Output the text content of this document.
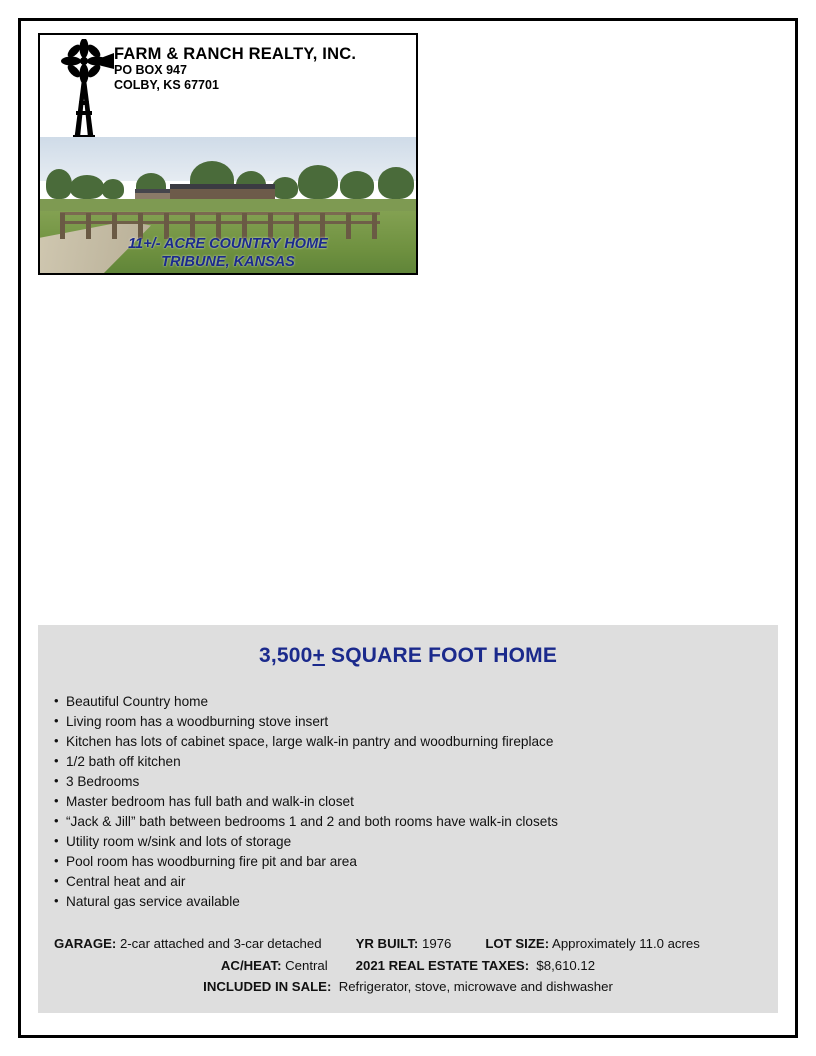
FARM & RANCH REALTY, INC.
PO BOX 947
COLBY, KS 67701
11+/- ACRE COUNTRY HOME
TRIBUNE, KANSAS
3,500+ SQUARE FOOT HOME
• Beautiful Country home
• Living room has a woodburning stove insert
• Kitchen has lots of cabinet space, large walk-in pantry and woodburning fireplace
• 1/2 bath off kitchen
• 3 Bedrooms
• Master bedroom has full bath and walk-in closet
• “Jack & Jill” bath between bedrooms 1 and 2 and both rooms have walk-in closets
• Utility room w/sink and lots of storage
• Pool room has woodburning fire pit and bar area
• Central heat and air
• Natural gas service available
GARAGE: 2-car attached and 3-car detached	YR BUILT: 1976	LOT SIZE: Approximately 11.0 acres
AC/HEAT: Central 2021 REAL ESTATE TAXES: $8,610.12
INCLUDED IN SALE: Refrigerator, stove, microwave and dishwasher
